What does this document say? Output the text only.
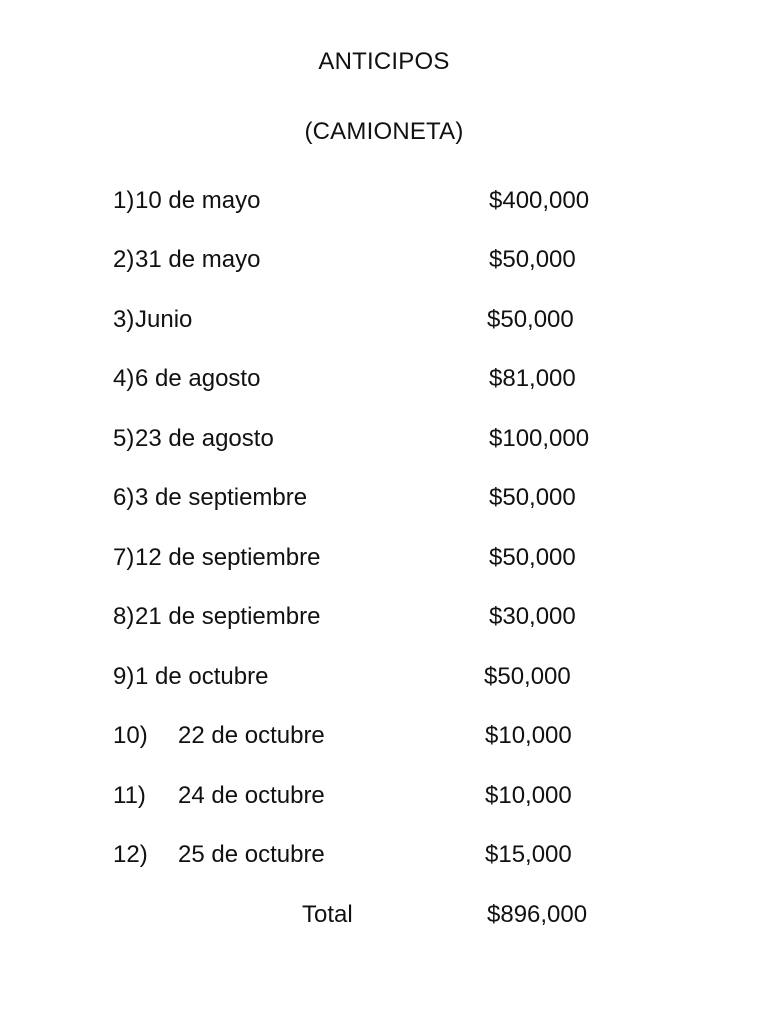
ANTICIPOS
(CAMIONETA)
1) 10 de mayo	$400,000
2) 31 de mayo	$50,000
3) Junio	$50,000
4) 6 de agosto	$81,000
5) 23 de agosto	$100,000
6) 3 de septiembre	$50,000
7) 12 de septiembre	$50,000
8) 21 de septiembre	$30,000
9) 1 de octubre	$50,000
10) 22 de octubre	$10,000
11) 24 de octubre	$10,000
12) 25 de octubre	$15,000
Total	$896,000
